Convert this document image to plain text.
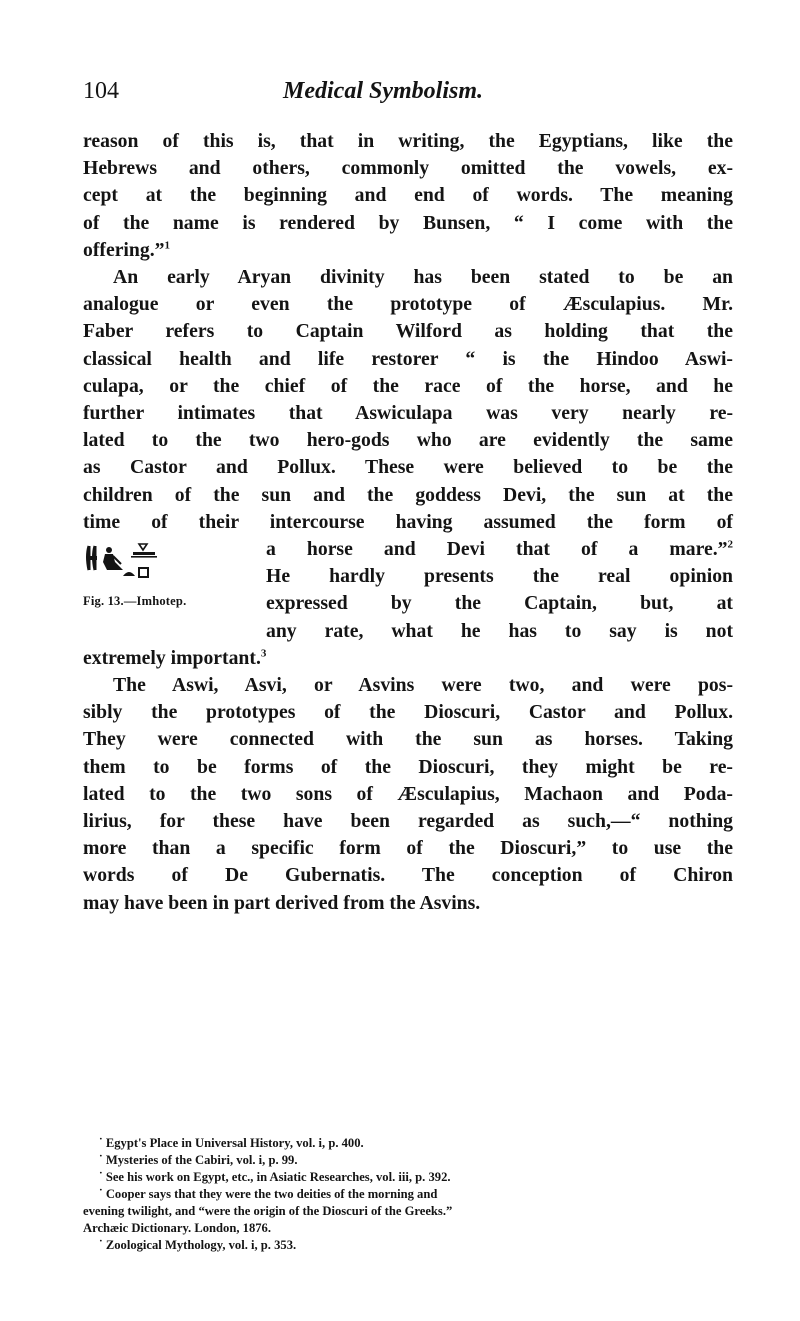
104	Medical Symbolism.

reason of this is, that in writing, the Egyptians, like the
Hebrews and others, commonly omitted the vowels, ex-
cept at the beginning and end of words. The meaning
of the name is rendered by Bunsen, “ I come with the
offering.”$^1$

An early Aryan divinity has been stated to be an
analogue or even the prototype of Æsculapius. Mr.
Faber refers to Captain Wilford as holding that the
classical health and life restorer “ is the Hindoo Aswi-
culapa, or the chief of the race of the horse, and he
further intimates that Aswiculapa was very nearly re-
lated to the two hero-gods who are evidently the same
as Castor and Pollux. These were believed to be the
children of the sun and the goddess Devi, the sun at the
time of their intercourse having assumed the form of

Fig. 13.—Imhotep.
a horse and Devi that of a mare.”$^2$
He hardly presents the real opinion
expressed by the Captain, but, at
any rate, what he has to say is not

extremely important.$^3$

The Aswi, Asvi, or Asvins were two, and were pos-
sibly the prototypes of the Dioscuri, Castor and Pollux.
They were connected with the sun as horses. Taking
them to be forms of the Dioscuri, they might be re-
lated to the two sons of Æsculapius, Machaon and Poda-
lirius, for these have been regarded as such,—“ nothing
more than a specific form of the Dioscuri,” to use the
words of De Gubernatis. The conception of Chiron
may have been in part derived from the Asvins.

· Egypt's Place in Universal History, vol. i, p. 400.

· Mysteries of the Cabiri, vol. i, p. 99.

· See his work on Egypt, etc., in Asiatic Researches, vol. iii, p. 392.

· Cooper says that they were the two deities of the morning and

evening twilight, and “were the origin of the Dioscuri of the Greeks.”

Archæic Dictionary. London, 1876.

· Zoological Mythology, vol. i, p. 353.
